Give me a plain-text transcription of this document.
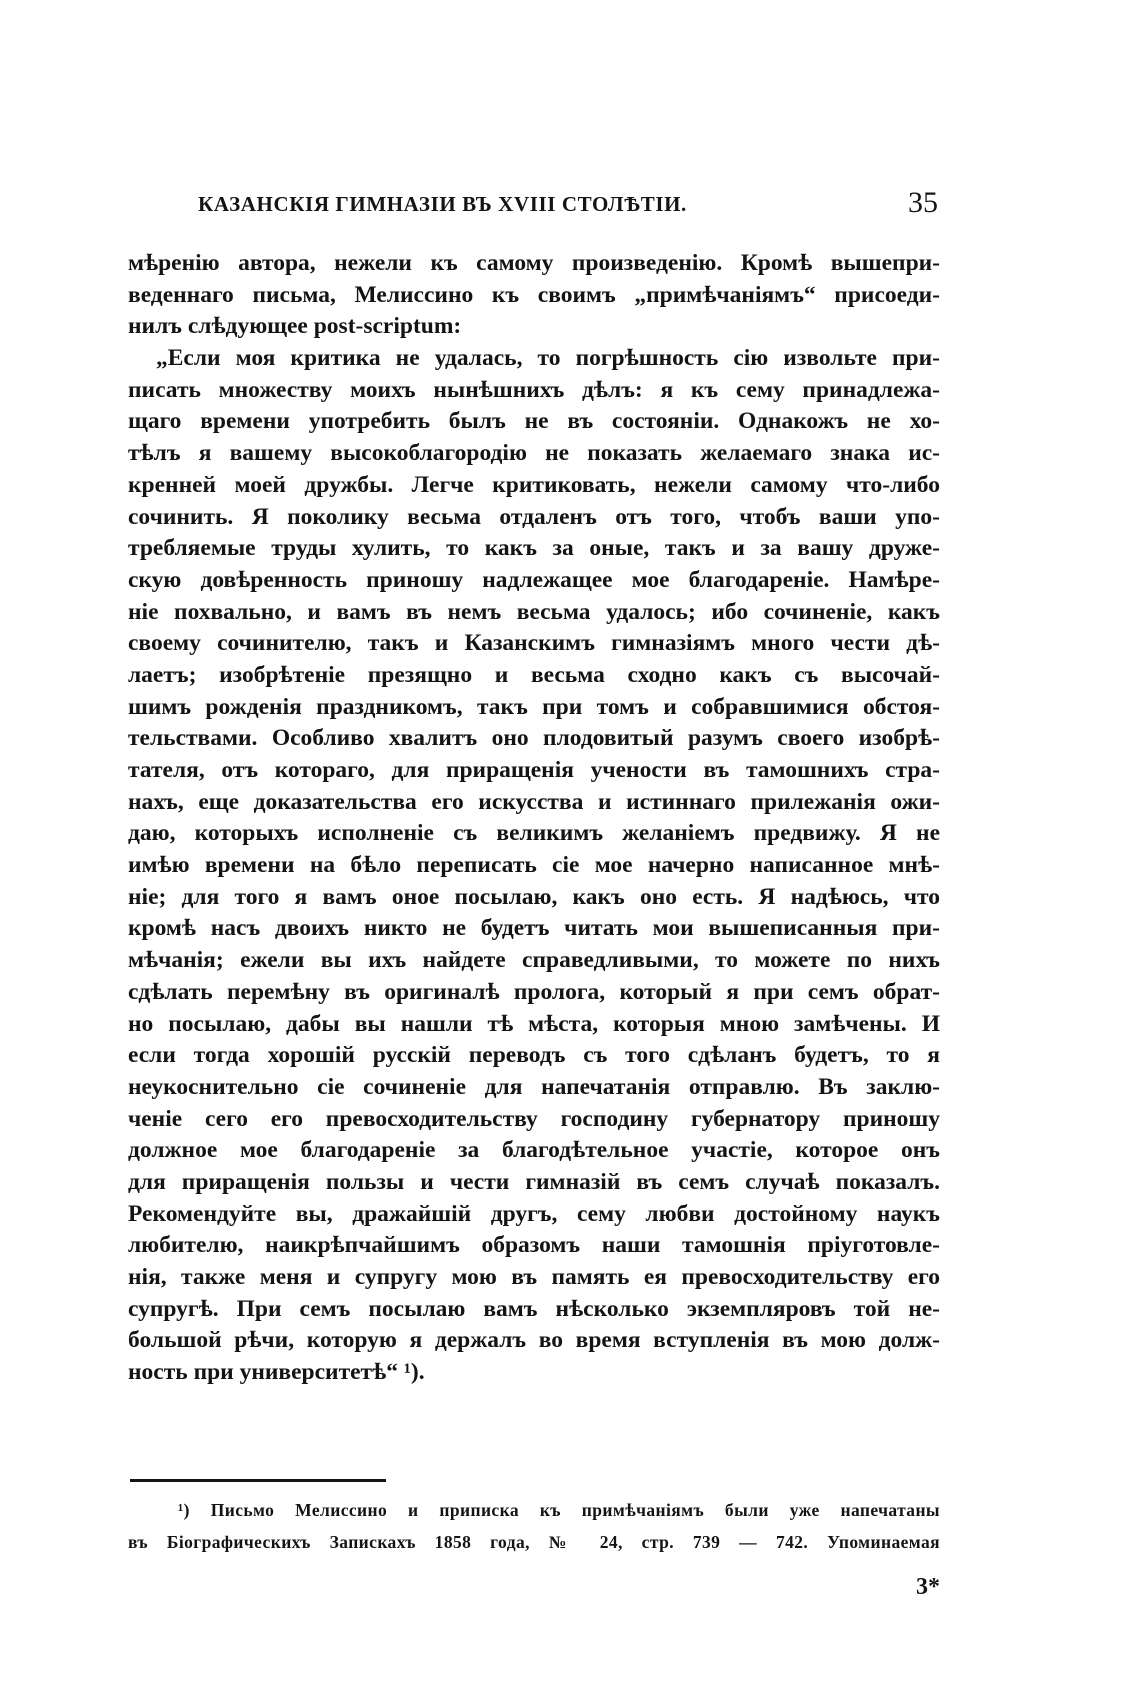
КАЗАНСКІЯ ГИМНАЗІИ ВЪ XVIII СТОЛѢТІИ.	35
мѣренію автора, нежели къ самому произведенію. Кромѣ вышепри-
веденнаго письма, Мелиссино къ своимъ „примѣчаніямъ“ присоеди-
нилъ слѣдующее post-scriptum:
„Если моя критика не удалась, то погрѣшность сію извольте при-
писать множеству моихъ нынѣшнихъ дѣлъ: я къ сему принадлежа-
щаго времени употребить былъ не въ состояніи. Однакожъ не хо-
тѣлъ я вашему высокоблагородію не показать желаемаго знака ис-
кренней моей дружбы. Легче критиковать, нежели самому что-либо
сочинить. Я поколику весьма отдаленъ отъ того, чтобъ ваши упо-
требляемые труды хулить, то какъ за оные, такъ и за вашу друже-
скую довѣренность приношу надлежащее мое благодареніе. Намѣре-
ніе похвально, и вамъ въ немъ весьма удалось; ибо сочиненіе, какъ
своему сочинителю, такъ и Казанскимъ гимназіямъ много чести дѣ-
лаетъ; изобрѣтеніе презящно и весьма сходно какъ съ высочай-
шимъ рожденія праздникомъ, такъ при томъ и собравшимися обстоя-
тельствами. Особливо хвалитъ оно плодовитый разумъ своего изобрѣ-
тателя, отъ котораго, для приращенія учености въ тамошнихъ стра-
нахъ, еще доказательства его искусства и истиннаго прилежанія ожи-
даю, которыхъ исполненіе съ великимъ желаніемъ предвижу. Я не
имѣю времени на бѣло переписать сіе мое начерно написанное мнѣ-
ніе; для того я вамъ оное посылаю, какъ оно есть. Я надѣюсь, что
кромѣ насъ двоихъ никто не будетъ читать мои вышеписанныя при-
мѣчанія; ежели вы ихъ найдете справедливыми, то можете по нихъ
сдѣлать перемѣну въ оригиналѣ пролога, который я при семъ обрат-
но посылаю, дабы вы нашли тѣ мѣста, которыя мною замѣчены. И
если тогда хорошій русскій переводъ съ того сдѣланъ будетъ, то я
неукоснительно сіе сочиненіе для напечатанія отправлю. Въ заклю-
ченіе сего его превосходительству господину губернатору приношу
должное мое благодареніе за благодѣтельное участіе, которое онъ
для приращенія пользы и чести гимназій въ семъ случаѣ показалъ.
Рекомендуйте вы, дражайшій другъ, сему любви достойному наукъ
любителю, наикрѣпчайшимъ образомъ наши тамошнія пріуготовле-
нія, также меня и супругу мою въ память ея превосходительству его
супругѣ. При семъ посылаю вамъ нѣсколько экземпляровъ той не-
большой рѣчи, которую я держалъ во время вступленія въ мою долж-
ность при университетѣ“ ¹).
¹) Письмо Мелиссино и приписка къ примѣчаніямъ были уже напечатаны
въ Біографическихъ Запискахъ 1858 года, № 24, стр. 739 — 742. Упоминаемая
3*
